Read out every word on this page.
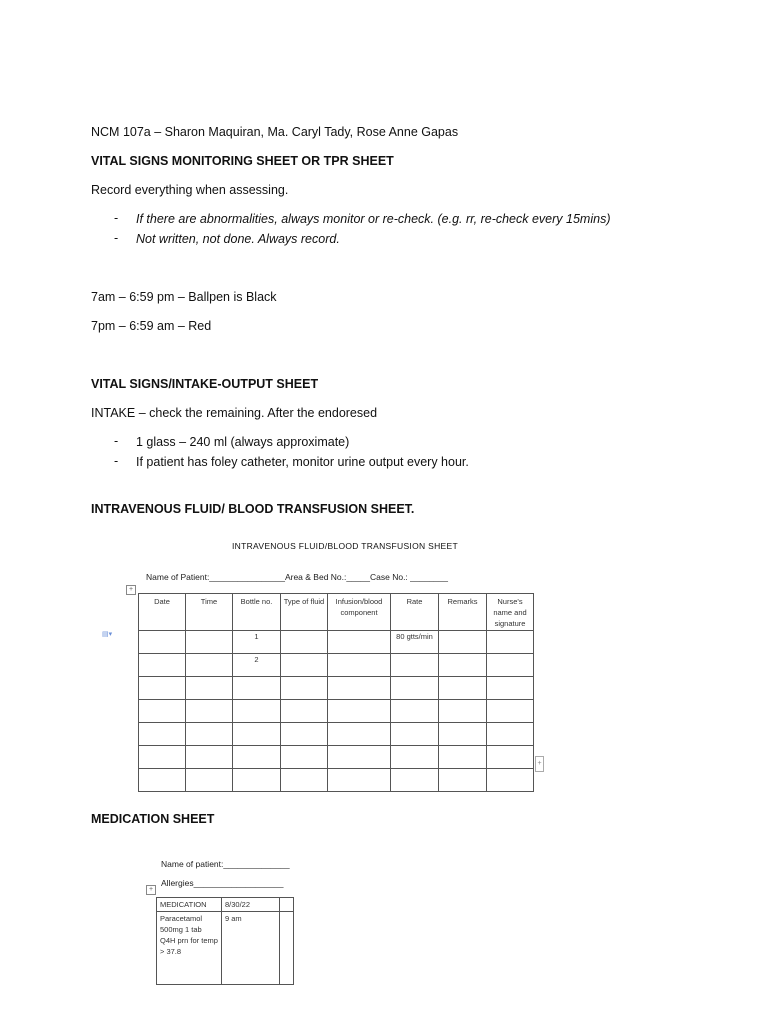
NCM 107a – Sharon Maquiran, Ma. Caryl Tady, Rose Anne Gapas
VITAL SIGNS MONITORING SHEET OR TPR SHEET
Record everything when assessing.
- If there are abnormalities, always monitor or re-check. (e.g. rr, re-check every 15mins)
- Not written, not done. Always record.
7am – 6:59 pm – Ballpen is Black
7pm – 6:59 am – Red
VITAL SIGNS/INTAKE-OUTPUT SHEET
INTAKE – check the remaining. After the endoresed
- 1 glass – 240 ml (always approximate)
- If patient has foley catheter, monitor urine output every hour.
INTRAVENOUS FLUID/ BLOOD TRANSFUSION SHEET.
INTRAVENOUS FLUID/BLOOD TRANSFUSION SHEET
Name of Patient:________________Area & Bed No.:_____Case No.: ________
+
▤▾
Date	Time	Bottle no.	Type of fluid	Infusion/blood component	Rate	Remarks	Nurse's name and signature
		1			80 gtts/min		
		2					

+
MEDICATION SHEET
Name of patient:______________
Allergies___________________
+
MEDICATION	8/30/22	
Paracetamol 500mg 1 tab Q4H prn for temp > 37.8	9 am	
